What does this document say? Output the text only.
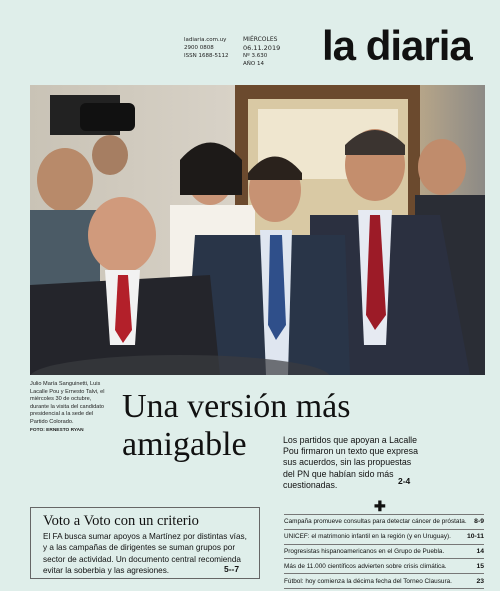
ladiaria.com.uy
2900 0808
ISSN 1688-5112
MIÉRCOLES
06.11.2019
Nº 3.630
AÑO 14	la diaria
Julio María Sanguinetti, Luis Lacalle Pou y Ernesto Talvi, el miércoles 30 de octubre, durante la visita del candidato presidencial a la sede del Partido Colorado.
FOTO: ERNESTO RYAN
Una versión más
amigable	Los partidos que apoyan a Lacalle Pou firmaron un texto que expresa sus acuerdos, sin las propuestas del PN que habían sido más cuestionadas.	2-4
Voto a Voto con un criterio
El FA busca sumar apoyos a Martínez por distintas vías, y a las campañas de dirigentes se suman grupos por sector de actividad. Un documento central recomienda evitar la soberbia y las agresiones.	5--7
✚
Campaña promueve consultas para detectar cáncer de próstata. 8-9
UNICEF: el matrimonio infantil en la región (y en Uruguay). 10-11
Progresistas hispanoamericanos en el Grupo de Puebla.	14
Más de 11.000 científicos advierten sobre crisis climática.	15
Fútbol: hoy comienza la décima fecha del Torneo Clausura.	23
